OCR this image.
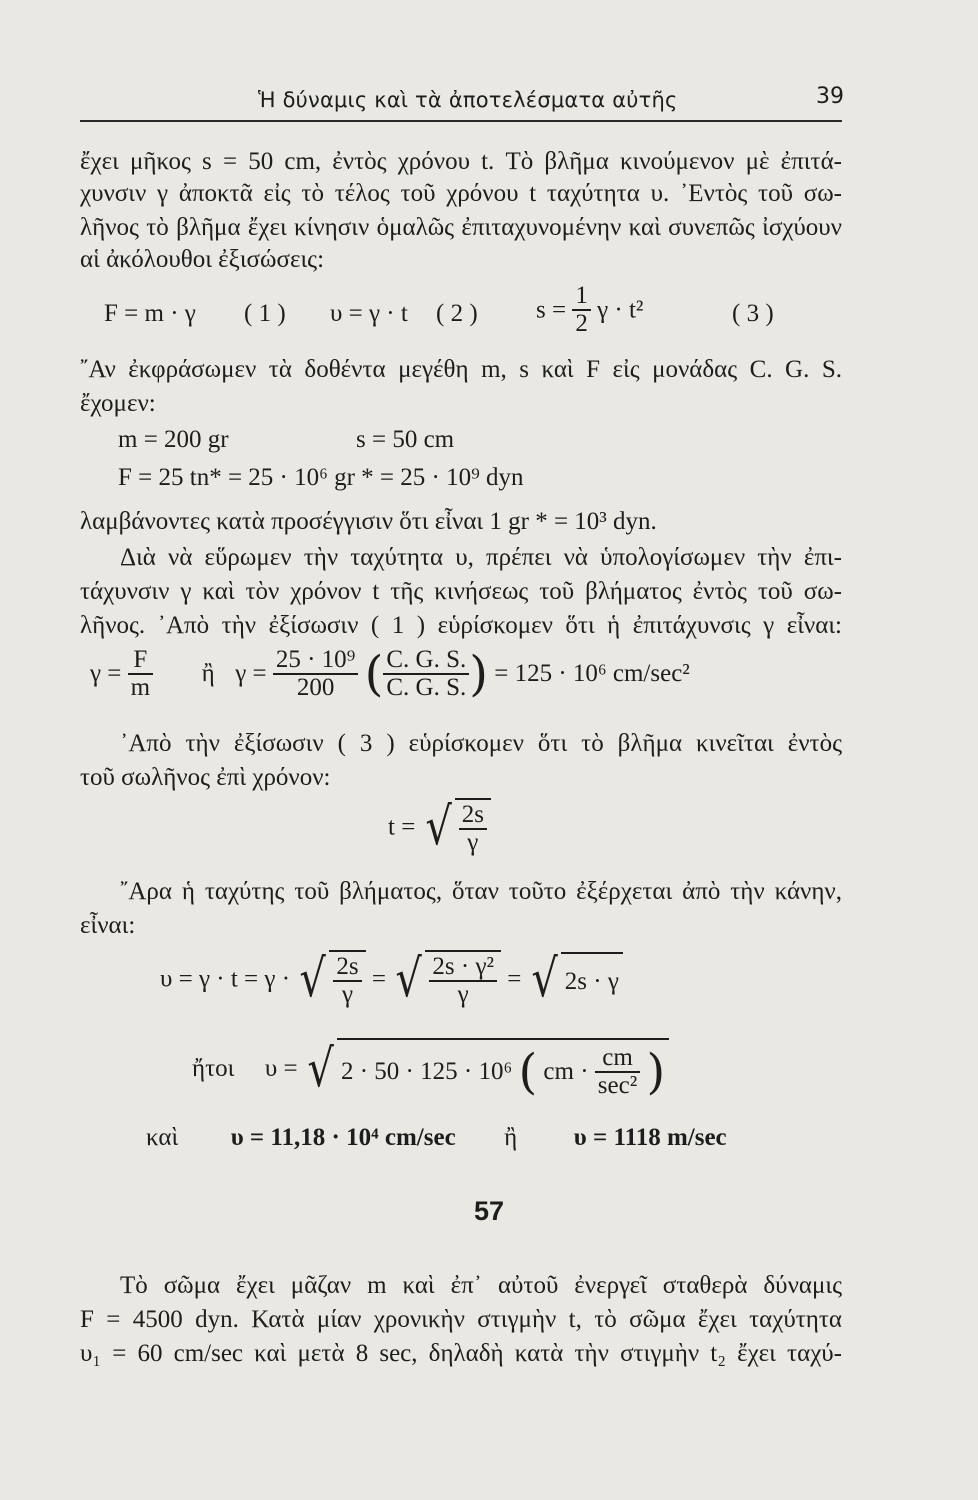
Ἡ δύναμις καὶ τὰ ἀποτελέσματα αὐτῆς	39
ἔχει μῆκος s = 50 cm, ἐντὸς χρόνου t. Τὸ βλῆμα κινούμενον μὲ ἐπιτά-
χυνσιν γ ἀποκτᾶ εἰς τὸ τέλος τοῦ χρόνου t ταχύτητα υ. ᾿Εντὸς τοῦ σω-
λῆνος τὸ βλῆμα ἔχει κίνησιν ὁμαλῶς ἐπιταχυνομένην καὶ συνεπῶς ἰσχύουν
αἱ ἀκόλουθοι ἐξισώσεις:
F = m · γ ( 1 ) υ = γ · t ( 2 ) $s = \frac{1}{2}$ γ · t²	( 3 )
῎Αν ἐκφράσωμεν τὰ δοθέντα μεγέθη m, s καὶ F εἰς μονάδας C. G. S.
ἔχομεν:
m = 200 gr	s = 50 cm
F = 25 tn* = 25 · 10⁶ gr * = 25 · 10⁹ dyn
λαμβάνοντες κατὰ προσέγγισιν ὅτι εἶναι 1 gr * = 10³ dyn.
Διὰ νὰ εὕρωμεν τὴν ταχύτητα υ, πρέπει νὰ ὑπολογίσωμεν τὴν ἐπι-
τάχυνσιν γ καὶ τὸν χρόνον t τῆς κινήσεως τοῦ βλήματος ἐντὸς τοῦ σω-
λῆνος. ᾿Απὸ τὴν ἐξίσωσιν ( 1 ) εὑρίσκομεν ὅτι ἡ ἐπιτάχυνσις γ εἶναι:
$\gamma = \frac{F}{m}$ ἢ $\gamma = \frac{\text{25 · 10⁹}}{200}$ ( $\frac{C. G. S.}{C. G. S.}$ ) = 125 · 10⁶ cm/sec²
᾿Απὸ τὴν ἐξίσωσιν ( 3 ) εὑρίσκομεν ὅτι τὸ βλῆμα κινεῖται ἐντὸς
τοῦ σωλῆνος ἐπὶ χρόνον:
t = √ $\frac{2s}{\gamma}$
῎Αρα ἡ ταχύτης τοῦ βλήματος, ὅταν τοῦτο ἐξέρχεται ἀπὸ τὴν κάνην,
εἶναι:
υ = γ · t = γ · √ $\frac{2s}{\gamma}$ = √ $\frac{\text{2s · γ²}}{\gamma}$ = √ 2s · γ
ἤτοι υ = √ 2 · 50 · 125 · 10⁶ ( cm · $\frac{cm}{\text{sec²}}$ )
καὶ υ = 11,18 · 10⁴ cm/sec ἢ υ = 1118 m/sec
57
Τὸ σῶμα ἔχει μᾶζαν m καὶ ἐπ᾿ αὐτοῦ ἐνεργεῖ σταθερὰ δύναμις
F = 4500 dyn. Κατὰ μίαν χρονικὴν στιγμὴν t, τὸ σῶμα ἔχει ταχύτητα
υ₁ = 60 cm/sec καὶ μετὰ 8 sec, δηλαδὴ κατὰ τὴν στιγμὴν t₂ ἔχει ταχύ-
